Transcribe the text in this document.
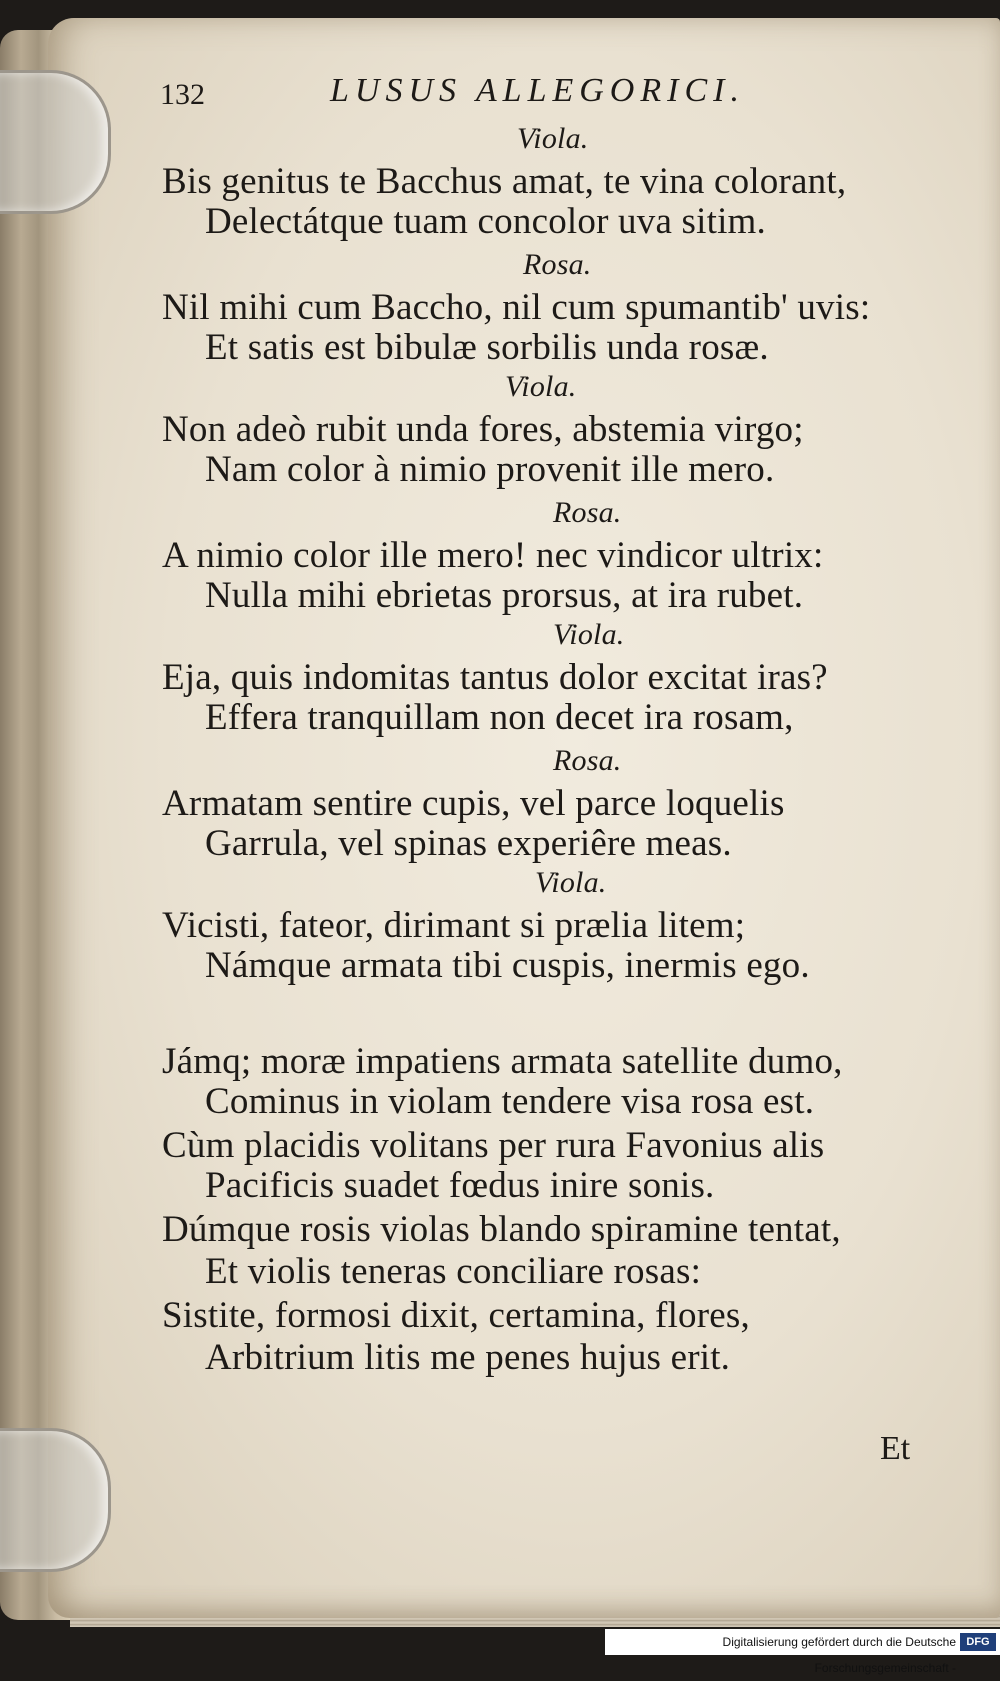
132	LUSUS ALLEGORICI.
Viola.
Bis genitus te Bacchus amat, te vina colorant,
Delectátque tuam concolor uva sitim.
Rosa.
Nil mihi cum Baccho, nil cum spumantib' uvis:
Et satis est bibulæ sorbilis unda rosæ.
Viola.
Non adeò rubit unda fores, abstemia virgo;
Nam color à nimio provenit ille mero.
Rosa.
A nimio color ille mero! nec vindicor ultrix:
Nulla mihi ebrietas prorsus, at ira rubet.
Viola.
Eja, quis indomitas tantus dolor excitat iras?
Effera tranquillam non decet ira rosam,
Rosa.
Armatam sentire cupis, vel parce loquelis
Garrula, vel spinas experiêre meas.
Viola.
Vicisti, fateor, dirimant si prælia litem;
Námque armata tibi cuspis, inermis ego.
Jámq; moræ impatiens armata satellite dumo,
Cominus in violam tendere visa rosa est.
Cùm placidis volitans per rura Favonius alis
Pacificis suadet fœdus inire sonis.
Dúmque rosis violas blando spiramine tentat,
Et violis teneras conciliare rosas:
Sistite, formosi dixit, certamina, flores,
Arbitrium litis me penes hujus erit.
Et
Digitalisierung gefördert durch die Deutsche Forschungsgemeinschaft -
DFG
